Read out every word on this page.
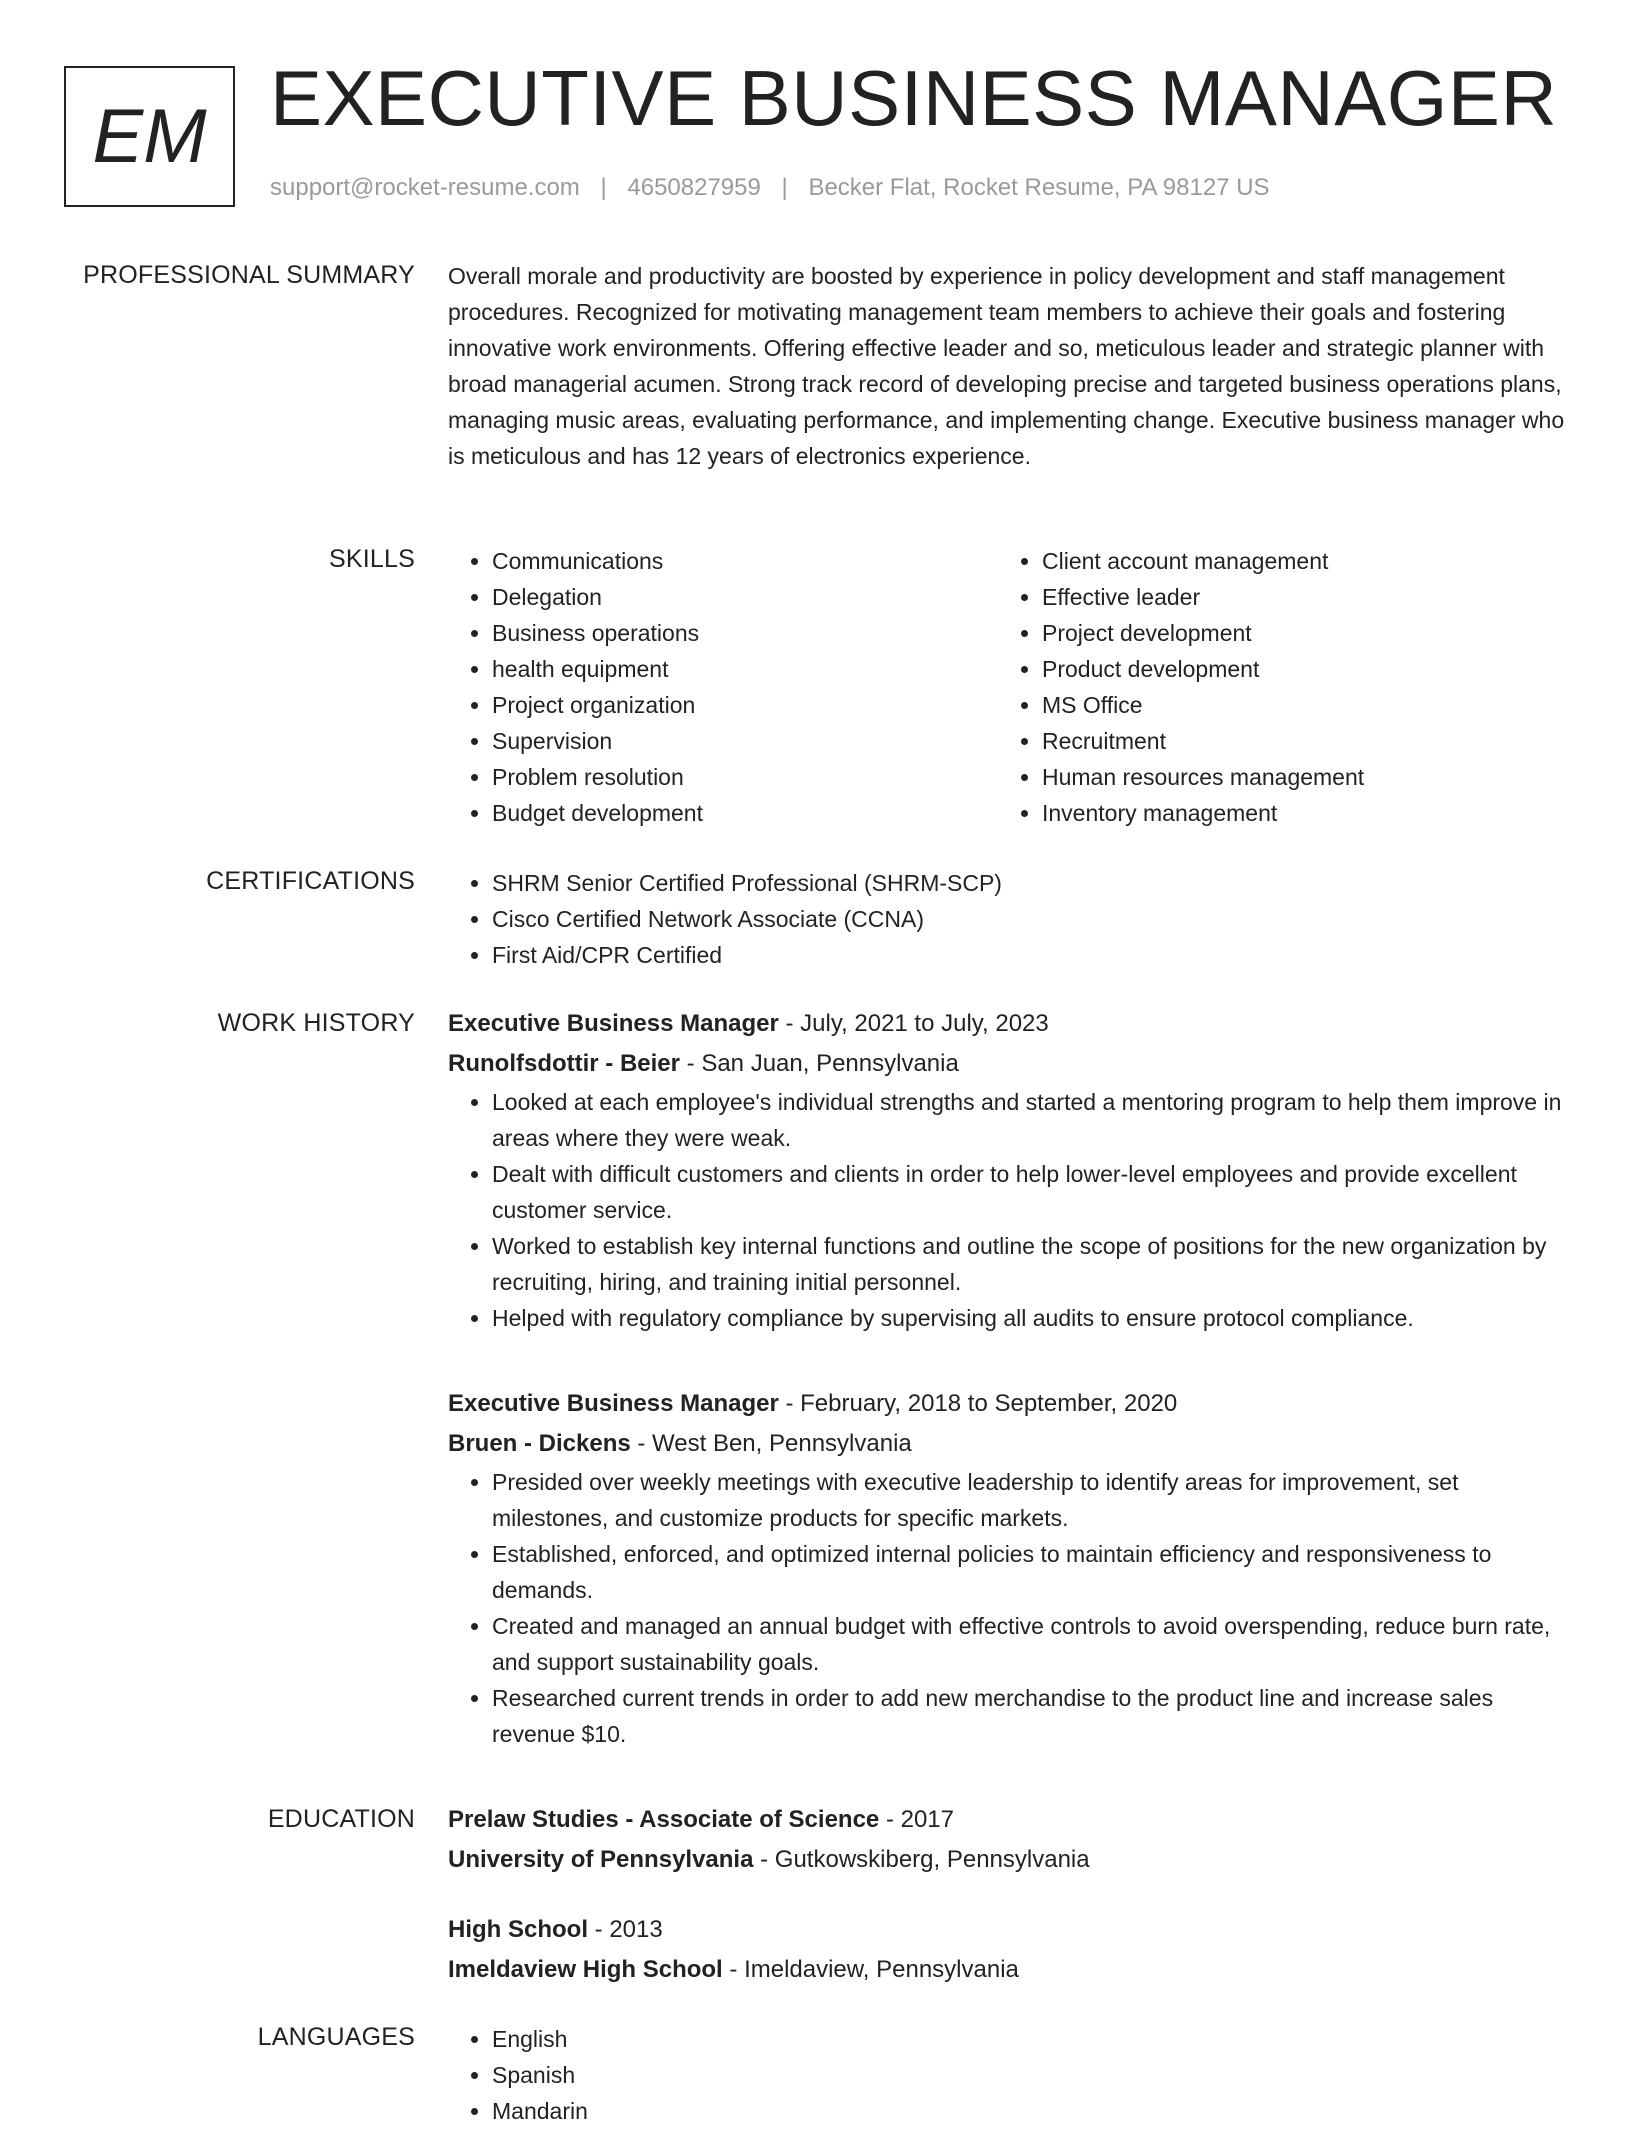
EM EXECUTIVE BUSINESS MANAGER
support@rocket-resume.com | 4650827959 | Becker Flat, Rocket Resume, PA 98127 US
PROFESSIONAL SUMMARY Overall morale and productivity are boosted by experience in policy development and staff management procedures. Recognized for motivating management team members to achieve their goals and fostering innovative work environments. Offering effective leader and so, meticulous leader and strategic planner with broad managerial acumen. Strong track record of developing precise and targeted business operations plans, managing music areas, evaluating performance, and implementing change. Executive business manager who is meticulous and has 12 years of electronics experience.

SKILLS	• Communications
• Delegation
• Business operations
• health equipment
• Project organization
• Supervision
• Problem resolution
• Budget development
• Client account management
• Effective leader
• Project development
• Product development
• MS Office
• Recruitment
• Human resources management
• Inventory management
CERTIFICATIONS	• SHRM Senior Certified Professional (SHRM-SCP)
• Cisco Certified Network Associate (CCNA)
• First Aid/CPR Certified
WORK HISTORY Executive Business Manager - July, 2021 to July, 2023
Runolfsdottir - Beier - San Juan, Pennsylvania
• Looked at each employee's individual strengths and started a mentoring program to help them improve in areas where they were weak.
• Dealt with difficult customers and clients in order to help lower-level employees and provide excellent customer service.
• Worked to establish key internal functions and outline the scope of positions for the new organization by recruiting, hiring, and training initial personnel.
• Helped with regulatory compliance by supervising all audits to ensure protocol compliance.
Executive Business Manager - February, 2018 to September, 2020
Bruen - Dickens - West Ben, Pennsylvania
• Presided over weekly meetings with executive leadership to identify areas for improvement, set milestones, and customize products for specific markets.
• Established, enforced, and optimized internal policies to maintain efficiency and responsiveness to demands.
• Created and managed an annual budget with effective controls to avoid overspending, reduce burn rate, and support sustainability goals.
• Researched current trends in order to add new merchandise to the product line and increase sales revenue $10.
EDUCATION Prelaw Studies - Associate of Science - 2017
University of Pennsylvania - Gutkowskiberg, Pennsylvania
High School - 2013
Imeldaview High School - Imeldaview, Pennsylvania
LANGUAGES	• English
• Spanish
• Mandarin
